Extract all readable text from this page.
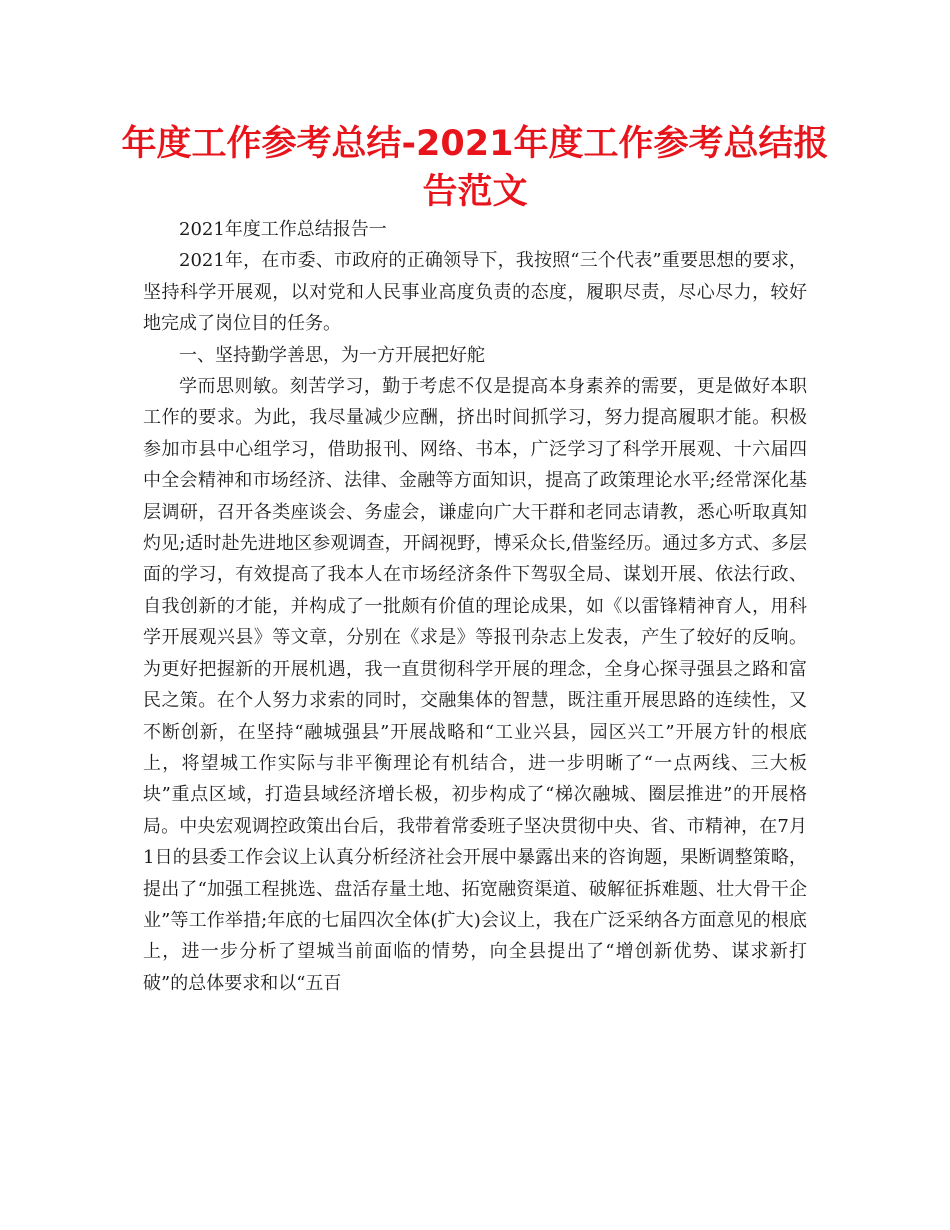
年度工作参考总结-2021年度工作参考总结报告范文

2021年度工作总结报告一

2021年，在市委、市政府的正确领导下，我按照“三个代表”重要思想的要求，坚持科学开展观，以对党和人民事业高度负责的态度，履职尽责，尽心尽力，较好地完成了岗位目的任务。

一、坚持勤学善思，为一方开展把好舵

学而思则敏。刻苦学习，勤于考虑不仅是提高本身素养的需要，更是做好本职工作的要求。为此，我尽量减少应酬，挤出时间抓学习，努力提高履职才能。积极参加市县中心组学习，借助报刊、网络、书本，广泛学习了科学开展观、十六届四中全会精神和市场经济、法律、金融等方面知识，提高了政策理论水平;经常深化基层调研，召开各类座谈会、务虚会，谦虚向广大干群和老同志请教，悉心听取真知灼见;适时赴先进地区参观调查，开阔视野，博采众长,借鉴经历。通过多方式、多层面的学习，有效提高了我本人在市场经济条件下驾驭全局、谋划开展、依法行政、自我创新的才能，并构成了一批颇有价值的理论成果，如《以雷锋精神育人，用科学开展观兴县》等文章，分别在《求是》等报刊杂志上发表，产生了较好的反响。为更好把握新的开展机遇，我一直贯彻科学开展的理念，全身心探寻强县之路和富民之策。在个人努力求索的同时，交融集体的智慧，既注重开展思路的连续性，又不断创新，在坚持“融城强县”开展战略和“工业兴县，园区兴工”开展方针的根底上，将望城工作实际与非平衡理论有机结合，进一步明晰了“一点两线、三大板块”重点区域，打造县域经济增长极，初步构成了“梯次融城、圈层推进”的开展格局。中央宏观调控政策出台后，我带着常委班子坚决贯彻中央、省、市精神，在7月1日的县委工作会议上认真分析经济社会开展中暴露出来的咨询题，果断调整策略，提出了“加强工程挑选、盘活存量土地、拓宽融资渠道、破解征拆难题、壮大骨干企业”等工作举措;年底的七届四次全体(扩大)会议上，我在广泛采纳各方面意见的根底上，进一步分析了望城当前面临的情势，向全县提出了“增创新优势、谋求新打破”的总体要求和以“五百
